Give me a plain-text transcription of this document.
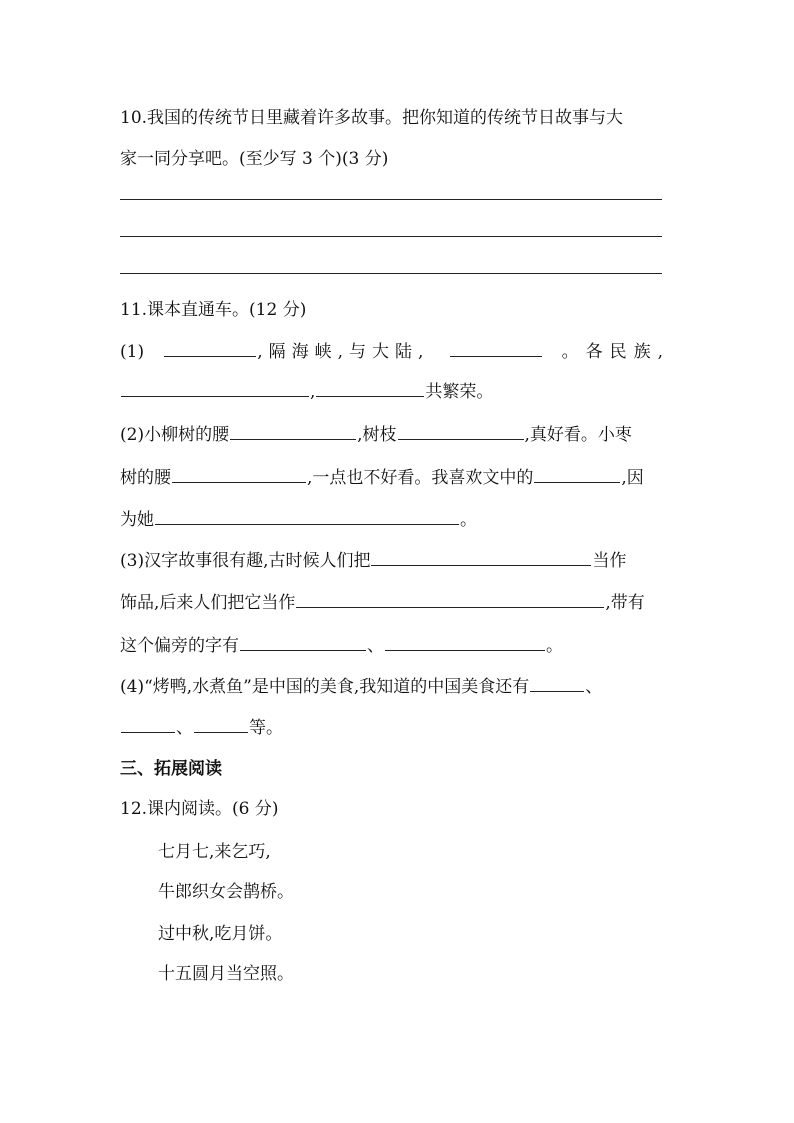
10.我国的传统节日里藏着许多故事。把你知道的传统节日故事与大
家一同分享吧。(至少写 3 个)(3 分)
11.课本直通车。(12 分)
(1)	,隔海峡,与大陆,	。各民族,
,	共繁荣。
(2)小柳树的腰	,树枝	,真好看。小枣
树的腰	,一点也不好看。我喜欢文中的	,因
为她	。
(3)汉字故事很有趣,古时候人们把	当作
饰品,后来人们把它当作	,带有
这个偏旁的字有	、	。
(4)“烤鸭,水煮鱼”是中国的美食,我知道的中国美食还有	、
、	等。
三、拓展阅读
12.课内阅读。(6 分)
七月七,来乞巧,
牛郎织女会鹊桥。
过中秋,吃月饼。
十五圆月当空照。
